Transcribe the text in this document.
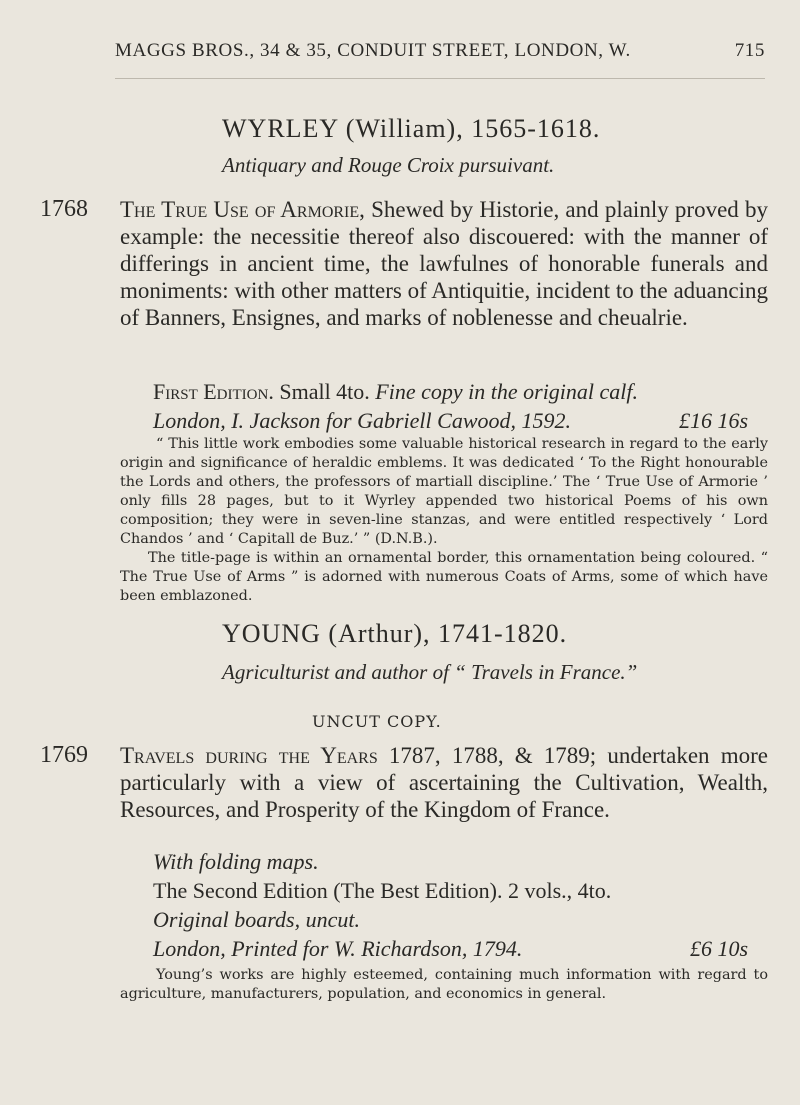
MAGGS BROS., 34 & 35, CONDUIT STREET, LONDON, W.	715
WYRLEY (William), 1565-1618.
Antiquary and Rouge Croix pursuivant.
1768 The True Use of Armorie, Shewed by Historie, and plainly proved by example: the necessitie thereof also discouered: with the manner of differings in ancient time, the lawfulnes of honorable funerals and moniments: with other matters of Antiquitie, incident to the aduancing of Banners, Ensignes, and marks of noblenesse and cheualrie.
First Edition. Small 4to. Fine copy in the original calf.
London, I. Jackson for Gabriell Cawood, 1592.	£16 16s

“ This little work embodies some valuable historical research in regard to the early origin and significance of heraldic emblems. It was dedicated ‘ To the Right honourable the Lords and others, the professors of martiall discipline.’ The ‘ True Use of Armorie ’ only fills 28 pages, but to it Wyrley appended two historical Poems of his own composition; they were in seven-line stanzas, and were entitled respectively ‘ Lord Chandos ’ and ‘ Capitall de Buz.’ ” (D.N.B.).

The title-page is within an ornamental border, this ornamentation being coloured. “ The True Use of Arms ” is adorned with numerous Coats of Arms, some of which have been emblazoned.

YOUNG (Arthur), 1741-1820.
Agriculturist and author of “ Travels in France.”
UNCUT COPY.
1769 Travels during the Years 1787, 1788, & 1789; undertaken more particularly with a view of ascertaining the Cultivation, Wealth, Resources, and Prosperity of the Kingdom of France.
With folding maps.
The Second Edition (The Best Edition). 2 vols., 4to.
Original boards, uncut.
London, Printed for W. Richardson, 1794.	£6 10s

Young’s works are highly esteemed, containing much information with regard to agriculture, manufacturers, population, and economics in general.
